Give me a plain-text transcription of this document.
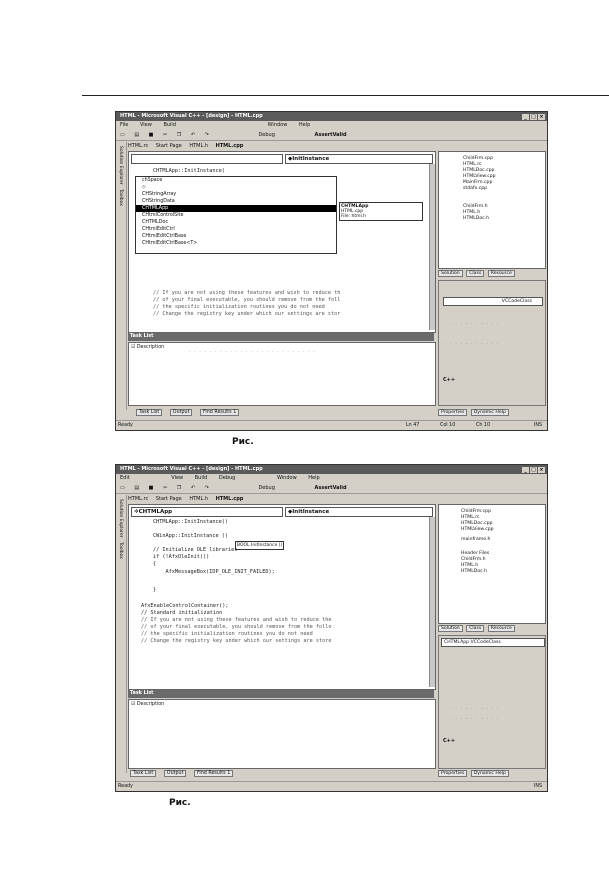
HTML - Microsoft Visual C++ - [design] - HTML.cpp	_ □ ×
File View Build	Window Help
▭ ▤ ■ ✂ ❐ ↶ ↷	Debug	AssertValid
Solution Explorer
Toolbox
HTML.rc Start Page HTML.h HTML.cpp
◆InitInstance
CHTMLApp::InitInstance(
chSpace
◇
CHStringArray
CHStringData
CHTMLApp
CHtmlControlSite
CHTMLDoc
CHtmlEditCtrl
CHtmlEditCtrlBase
CHtmlEditCtrlBase<T>
CHTMLApp
HTML.cpp
File: html.h
// If you are not using these features and wish to reduce th
// of your final executable, you should remove from the foll
// the specific initialization routines you do not need
// Change the registry key under which our settings are stor
Task List
☑ Description
· · · · · · · · · · · · · · · · · · · · · · · · ·
Task List	Output	Find Results 1
ChildFrm.cpp
HTML.rc
HTMLDoc.cpp
HTMLView.cpp
MainFrm.cpp
stdafx.cpp
ChildFrm.h
HTML.h
HTMLDoc.h
Solution Class Resource
VCCodeClass
· · · · · · · · · · ·
· · · · · · · · · · ·
C++
Properties Dynamic Help
Ready	Ln 47	Col 10	Ch 10	INS
Рис.
HTML - Microsoft Visual C++ - [design] - HTML.cpp	_ □ ×
Edit	View Build Debug	Window Help
▭ ▤ ■ ✂ ❐ ↶ ↷	Debug	AssertValid
Solution Explorer
Toolbox
HTML.rc Start Page HTML.h HTML.cpp
✲CHTMLApp	◆InitInstance
CHTMLApp::InitInstance()
CWinApp::InitInstance ()
BOOL InitInstance ()
// Initialize OLE libraries
if (!AfxOleInit())
{
AfxMessageBox(IDP_OLE_INIT_FAILED);
}
AfxEnableControlContainer();
// Standard initialization
// If you are not using these features and wish to reduce the
// of your final executable, you should remove from the follo
// the specific initialization routines you do not need
// Change the registry key under which our settings are store
Task List
☑ Description
Task List	Output	Find Results 1
ChildFrm.cpp
HTML.rc
HTMLDoc.cpp
HTMLView.cpp
mainframe.h
Header Files
ChildFrm.h
HTML.h
HTMLDoc.h
Solution Class Resource
CHTMLApp VCCodeClass
· · · · · · · · · · ·
· · · · · · · · · · ·
C++
Properties Dynamic Help
Ready	INS
Рис.
